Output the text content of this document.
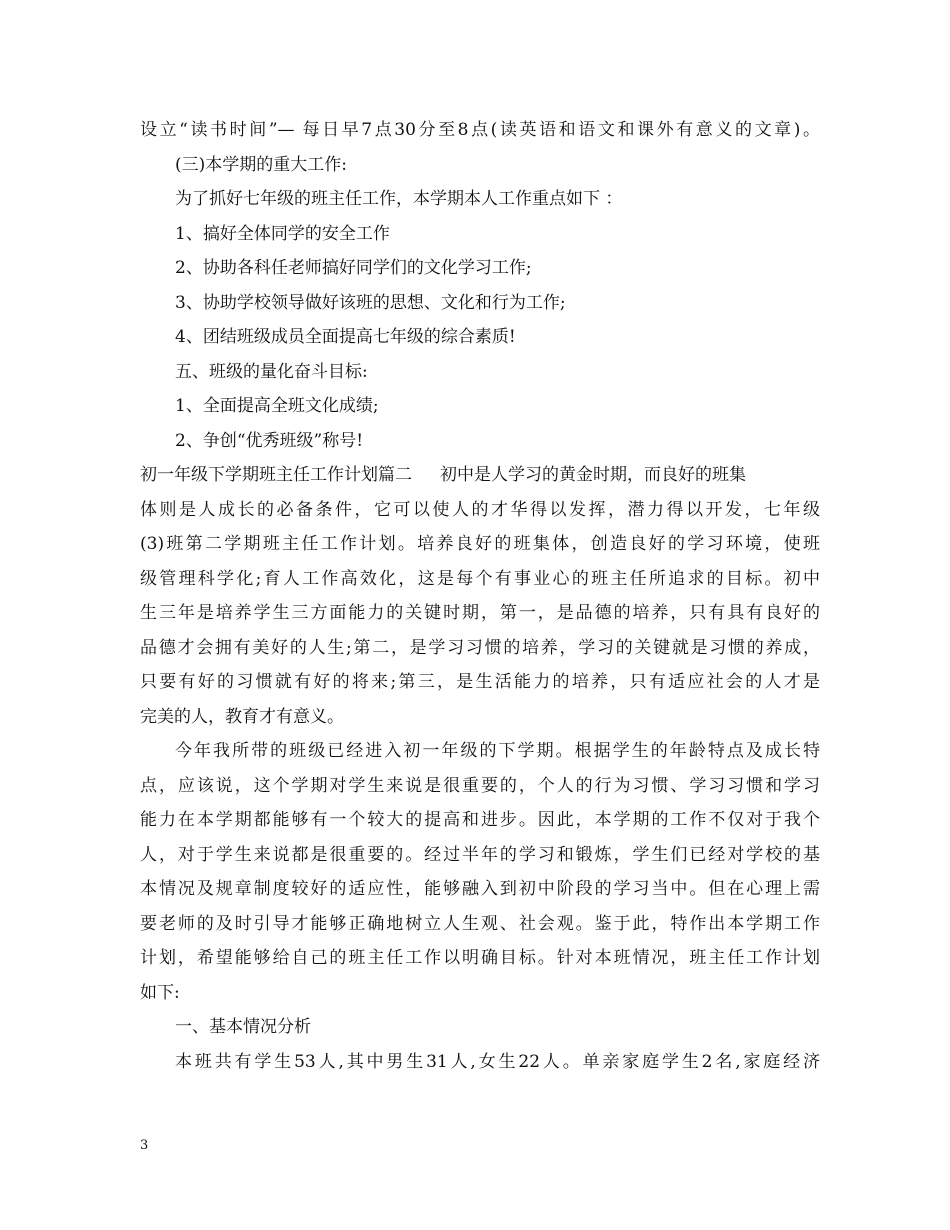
设立“读书时间”— 每日早7点30分至8点(读英语和语文和课外有意义的文章)。
(三)本学期的重大工作:
为了抓好七年级的班主任工作，本学期本人工作重点如下 ：
1、搞好全体同学的安全工作
2、协助各科任老师搞好同学们的文化学习工作;
3、协助学校领导做好该班的思想、文化和行为工作;
4、团结班级成员全面提高七年级的综合素质!
五、班级的量化奋斗目标:
1、全面提高全班文化成绩;
2、争创“优秀班级”称号!
初一年级下学期班主任工作计划篇二 初中是人学习的黄金时期，而良好的班集
体则是人成长的必备条件，它可以使人的才华得以发挥，潜力得以开发，七年级
(3)班第二学期班主任工作计划。培养良好的班集体，创造良好的学习环境，使班
级管理科学化;育人工作高效化，这是每个有事业心的班主任所追求的目标。初中
生三年是培养学生三方面能力的关键时期，第一，是品德的培养，只有具有良好的
品德才会拥有美好的人生;第二，是学习习惯的培养，学习的关键就是习惯的养成，
只要有好的习惯就有好的将来;第三，是生活能力的培养，只有适应社会的人才是
完美的人，教育才有意义。
今年我所带的班级已经进入初一年级的下学期。根据学生的年龄特点及成长特
点，应该说，这个学期对学生来说是很重要的，个人的行为习惯、学习习惯和学习
能力在本学期都能够有一个较大的提高和进步。因此，本学期的工作不仅对于我个
人，对于学生来说都是很重要的。经过半年的学习和锻炼，学生们已经对学校的基
本情况及规章制度较好的适应性，能够融入到初中阶段的学习当中。但在心理上需
要老师的及时引导才能够正确地树立人生观、社会观。鉴于此，特作出本学期工作
计划，希望能够给自己的班主任工作以明确目标。针对本班情况，班主任工作计划
如下:
一、基本情况分析
本班共有学生53人,其中男生31人,女生22人。单亲家庭学生2名,家庭经济
3
